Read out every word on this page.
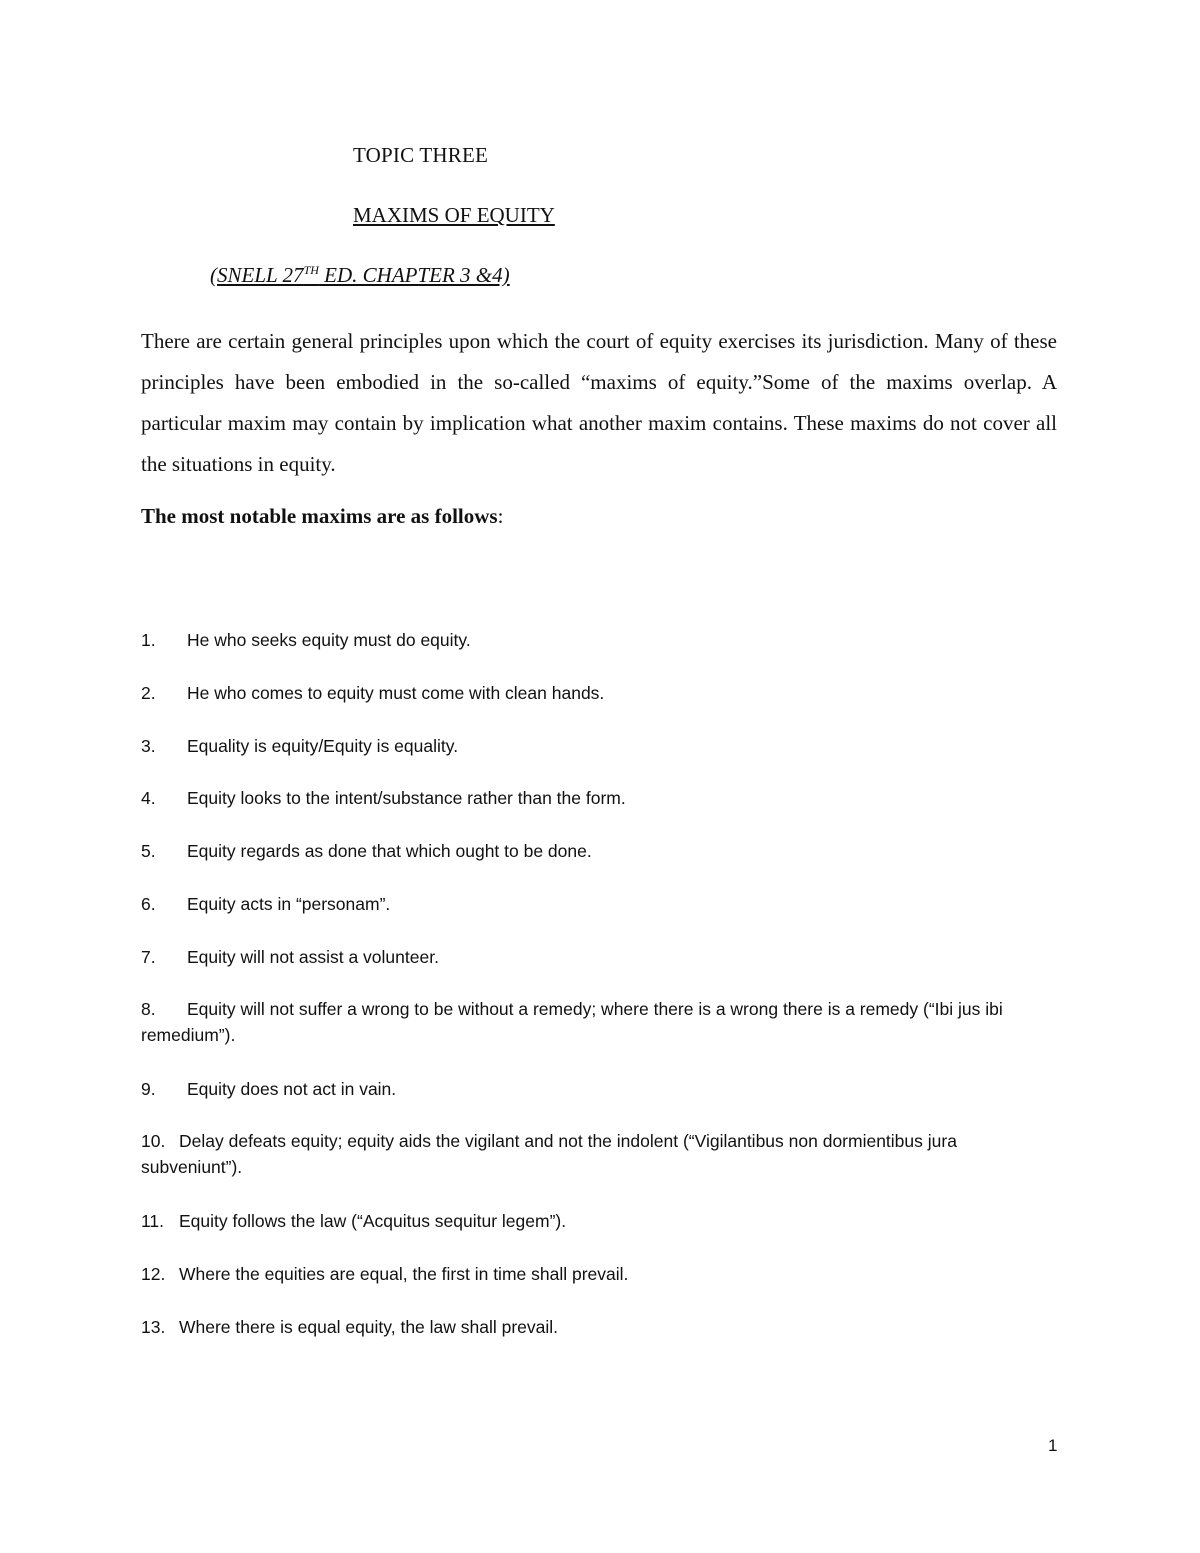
TOPIC THREE
MAXIMS OF EQUITY
(SNELL 27TH ED. CHAPTER 3 &4)

There are certain general principles upon which the court of equity exercises its jurisdiction. Many of these principles have been embodied in the so-called “maxims of equity.”Some of the maxims overlap. A particular maxim may contain by implication what another maxim contains. These maxims do not cover all the situations in equity.

The most notable maxims are as follows:
1. He who seeks equity must do equity.
2. He who comes to equity must come with clean hands.
3. Equality is equity/Equity is equality.
4. Equity looks to the intent/substance rather than the form.
5. Equity regards as done that which ought to be done.
6. Equity acts in “personam”.
7. Equity will not assist a volunteer.
8. Equity will not suffer a wrong to be without a remedy; where there is a wrong there is a remedy (“Ibi jus ibi remedium”).
9. Equity does not act in vain.
10. Delay defeats equity; equity aids the vigilant and not the indolent (“Vigilantibus non dormientibus jura subveniunt”).
11. Equity follows the law (“Acquitus sequitur legem”).
12. Where the equities are equal, the first in time shall prevail.
13. Where there is equal equity, the law shall prevail.
1
